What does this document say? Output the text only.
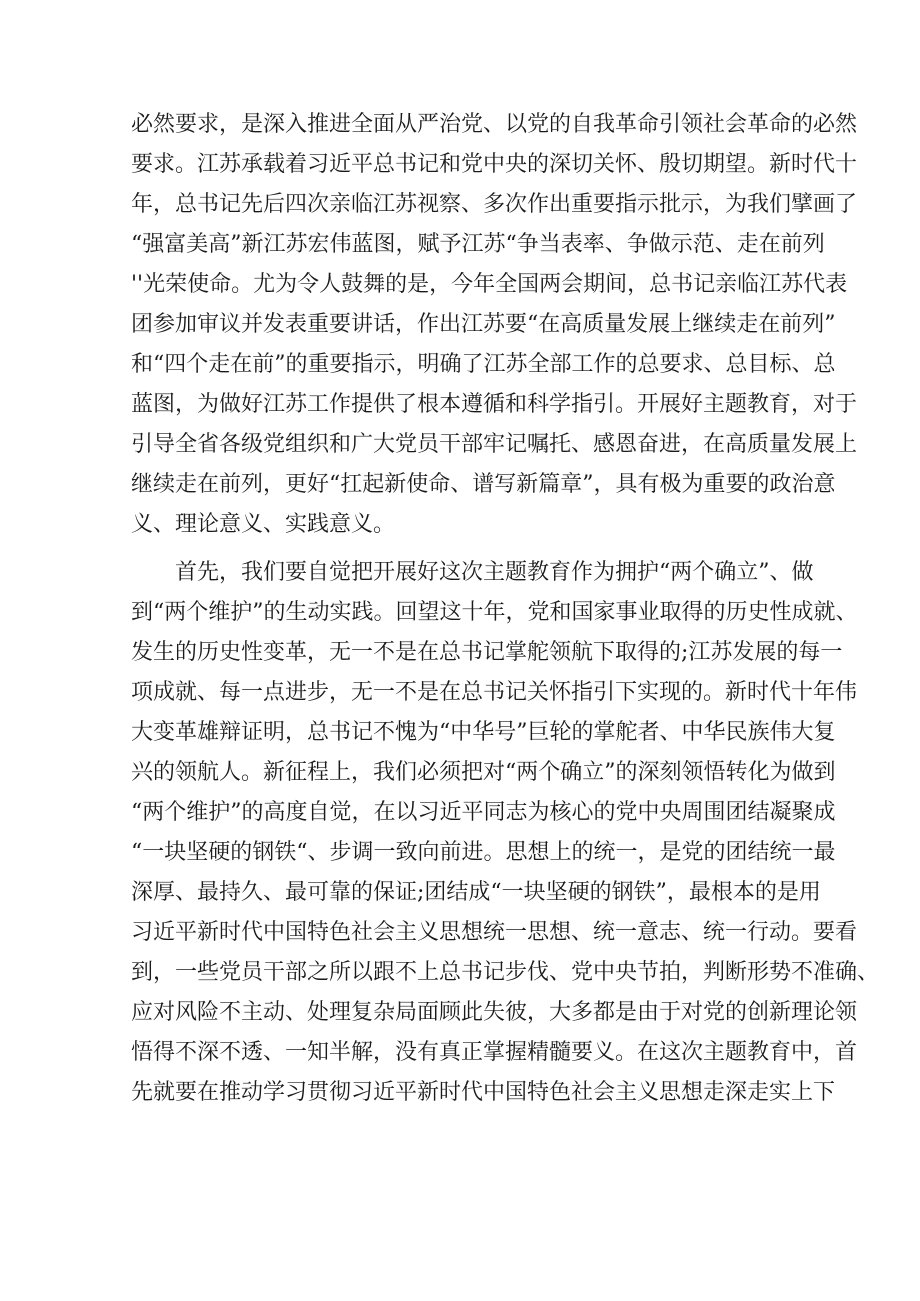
必然要求，是深入推进全面从严治党、以党的自我革命引领社会革命的必然
要求。江苏承载着习近平总书记和党中央的深切关怀、殷切期望。新时代十
年，总书记先后四次亲临江苏视察、多次作出重要指示批示，为我们擘画了
“强富美高”新江苏宏伟蓝图，赋予江苏“争当表率、争做示范、走在前列
''光荣使命。尤为令人鼓舞的是，今年全国两会期间，总书记亲临江苏代表
团参加审议并发表重要讲话，作出江苏要“在高质量发展上继续走在前列”
和“四个走在前”的重要指示，明确了江苏全部工作的总要求、总目标、总
蓝图，为做好江苏工作提供了根本遵循和科学指引。开展好主题教育，对于
引导全省各级党组织和广大党员干部牢记嘱托、感恩奋进，在高质量发展上
继续走在前列，更好“扛起新使命、谱写新篇章”，具有极为重要的政治意
义、理论意义、实践意义。
首先，我们要自觉把开展好这次主题教育作为拥护“两个确立”、做
到“两个维护”的生动实践。回望这十年，党和国家事业取得的历史性成就、
发生的历史性变革，无一不是在总书记掌舵领航下取得的;江苏发展的每一
项成就、每一点进步，无一不是在总书记关怀指引下实现的。新时代十年伟
大变革雄辩证明，总书记不愧为“中华号”巨轮的掌舵者、中华民族伟大复
兴的领航人。新征程上，我们必须把对“两个确立”的深刻领悟转化为做到
“两个维护”的高度自觉，在以习近平同志为核心的党中央周围团结凝聚成
“一块坚硬的钢铁“、步调一致向前进。思想上的统一，是党的团结统一最
深厚、最持久、最可靠的保证;团结成“一块坚硬的钢铁”，最根本的是用
习近平新时代中国特色社会主义思想统一思想、统一意志、统一行动。要看
到，一些党员干部之所以跟不上总书记步伐、党中央节拍，判断形势不准确、
应对风险不主动、处理复杂局面顾此失彼，大多都是由于对党的创新理论领
悟得不深不透、一知半解，没有真正掌握精髓要义。在这次主题教育中，首
先就要在推动学习贯彻习近平新时代中国特色社会主义思想走深走实上下
